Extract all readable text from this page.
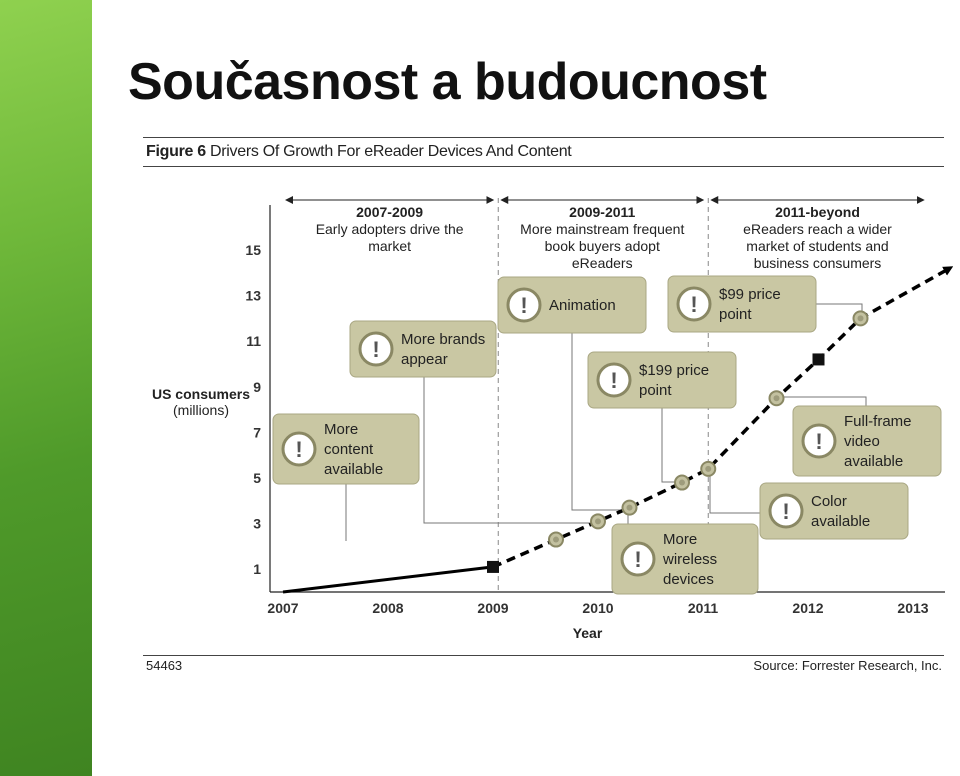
Současnost a budoucnost
Figure 6 Drivers Of Growth For eReader Devices And Content
1
3
5
7
9
11
13
15
US consumers
(millions)
2007	2008	2009	2010	2011	2012	2013
Year
2007-2009
Early adopters drive the
market
2009-2011
More mainstream frequent
book buyers adopt
eReaders
2011-beyond
eReaders reach a wider
market of students and
business consumers
!
More
content
available
! More brands
appear
! Animation
!
More
wireless
devices
! $199 price
point
! Color
available
!
Full-frame
video
available
! $99 price
point
54463	Source: Forrester Research, Inc.
